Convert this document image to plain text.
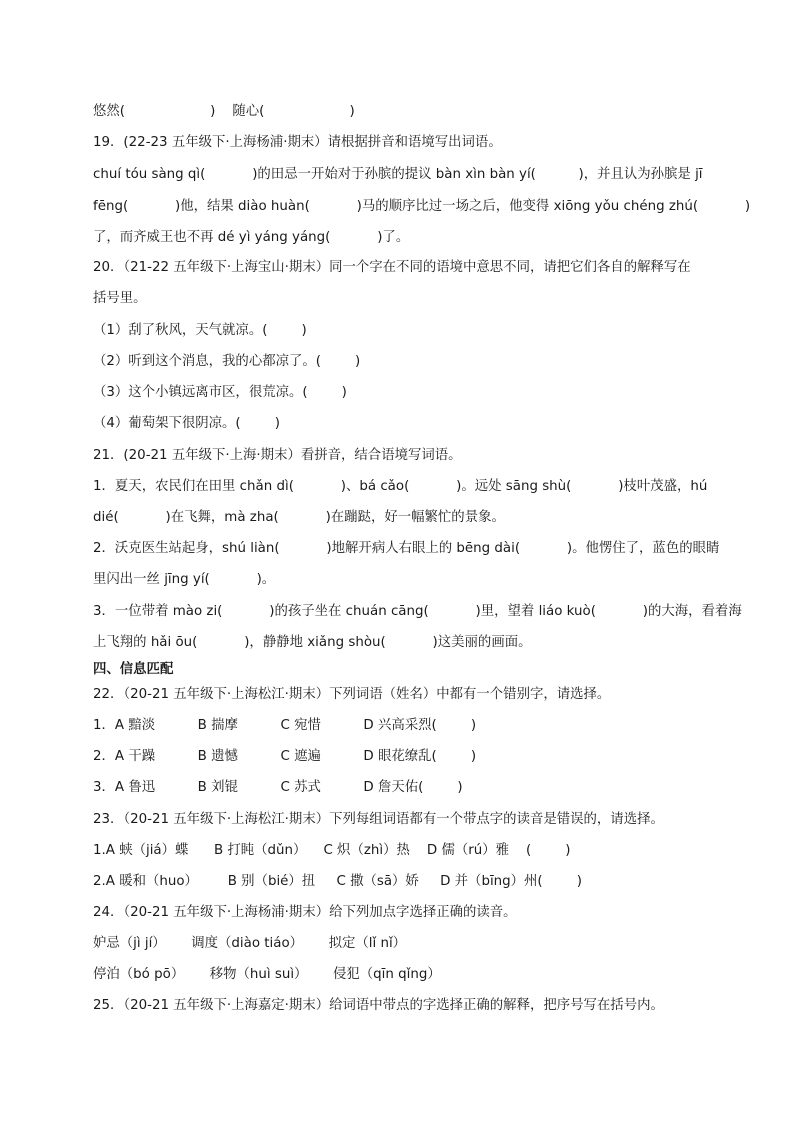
悠然(                    )    随心(                    )
19．(22-23 五年级下·上海杨浦·期末）请根据拼音和语境写出词语。
chuí tóu sàng qì(           )的田忌一开始对于孙膑的提议 bàn xìn bàn yí(          )，并且认为孙膑是 jī
fēng(           )他，结果 diào huàn(           )马的顺序比过一场之后，他变得 xiōng yǒu chéng zhú(           )
了，而齐威王也不再 dé yì yáng yáng(           )了。
20．（21-22 五年级下·上海宝山·期末）同一个字在不同的语境中意思不同，请把它们各自的解释写在
括号里。
（1）刮了秋风，天气就凉。(        )
（2）听到这个消息，我的心都凉了。(        )
（3）这个小镇远离市区，很荒凉。(        )
（4）葡萄架下很阴凉。(        )
21．(20-21 五年级下·上海·期末）看拼音，结合语境写词语。
1．夏天，农民们在田里 chǎn dì(           )、bá cǎo(           )。远处 sāng shù(           )枝叶茂盛，hú
dié(           )在飞舞，mà zha(           )在蹦跶，好一幅繁忙的景象。
2．沃克医生站起身，shú liàn(           )地解开病人右眼上的 bēng dài(           )。他愣住了，蓝色的眼睛
里闪出一丝 jīng yí(           )。
3．一位带着 mào zi(           )的孩子坐在 chuán cāng(           )里，望着 liáo kuò(           )的大海，看着海
上飞翔的 hǎi ōu(           )，静静地 xiǎng shòu(           )这美丽的画面。
四、信息匹配
22．（20-21 五年级下·上海松江·期末）下列词语（姓名）中都有一个错别字，请选择。
1．A 黯淡          B 揣摩          C 宛惜          D 兴高采烈(        )
2．A 干躁          B 遗憾          C 遮遍          D 眼花缭乱(        )
3．A 鲁迅          B 刘锟          C 苏式          D 詹天佑(        )
23．（20-21 五年级下·上海松江·期末）下列每组词语都有一个带点字的读音是错误的，请选择。
1.A 蛱（jiá）蝶      B 打盹（dǔn）    C 炽（zhì）热    D 儒（rú）雅    (        )
2.A 暖和（huo）       B 别（bié）扭     C 撒（sā）娇     D 并（bīng）州(        )
24．（20-21 五年级下·上海杨浦·期末）给下列加点字选择正确的读音。
妒忌（jì jí）      调度（diào tiáo）      拟定（lǐ nǐ）
停泊（bó pō）      移物（huì suì）      侵犯（qīn qǐng）
25．（20-21 五年级下·上海嘉定·期末）给词语中带点的字选择正确的解释，把序号写在括号内。
